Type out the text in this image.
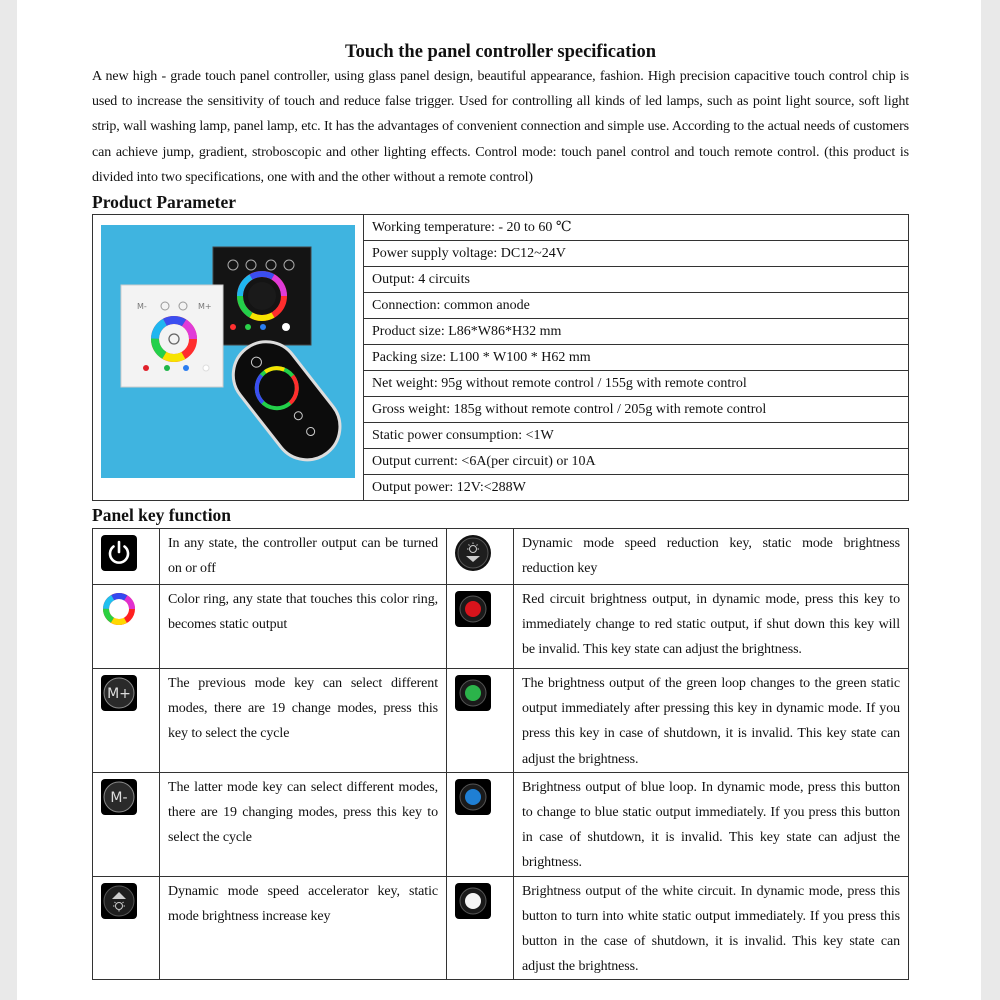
Touch the panel controller specification

A new high - grade touch panel controller, using glass panel design, beautiful appearance, fashion. High precision capacitive touch control chip is used to increase the sensitivity of touch and reduce false trigger. Used for controlling all kinds of led lamps, such as point light source, soft light strip, wall washing lamp, panel lamp, etc. It has the advantages of convenient connection and simple use. According to the actual needs of customers can achieve jump, gradient, stroboscopic and other lighting effects. Control mode: touch panel control and touch remote control. (this product is divided into two specifications, one with and the other without a remote control)

Product Parameter
M-	M+
	Working temperature: - 20 to 60 ℃
Power supply voltage: DC12~24V
Output: 4 circuits
Connection: common anode
Product size: L86*W86*H32 mm
Packing size: L100 * W100 * H62 mm
Net weight: 95g without remote control / 155g with remote control
Gross weight: 185g without remote control / 205g with remote control
Static power consumption: <1W
Output current: <6A(per circuit) or 10A
Output power: 12V:<288W
Panel key function
	In any state, the controller output can be turned on or off		Dynamic mode speed reduction key, static mode brightness reduction key

	Color ring, any state that touches this color ring, becomes static output		Red circuit brightness output, in dynamic mode, press this key to immediately change to red static output, if shut down this key will be invalid. This key state can adjust the brightness.

M+	The previous mode key can select different modes, there are 19 change modes, press this key to select the cycle		The brightness output of the green loop changes to the green static output immediately after pressing this key in dynamic mode. If you press this key in case of shutdown, it is invalid. This key state can adjust the brightness.

M-	The latter mode key can select different modes, there are 19 changing modes, press this key to select the cycle		Brightness output of blue loop. In dynamic mode, press this button to change to blue static output immediately. If you press this button in case of shutdown, it is invalid. This key state can adjust the brightness.

	Dynamic mode speed accelerator key, static mode brightness increase key		Brightness output of the white circuit. In dynamic mode, press this button to turn into white static output immediately. If you press this button in the case of shutdown, it is invalid. This key state can adjust the brightness.
